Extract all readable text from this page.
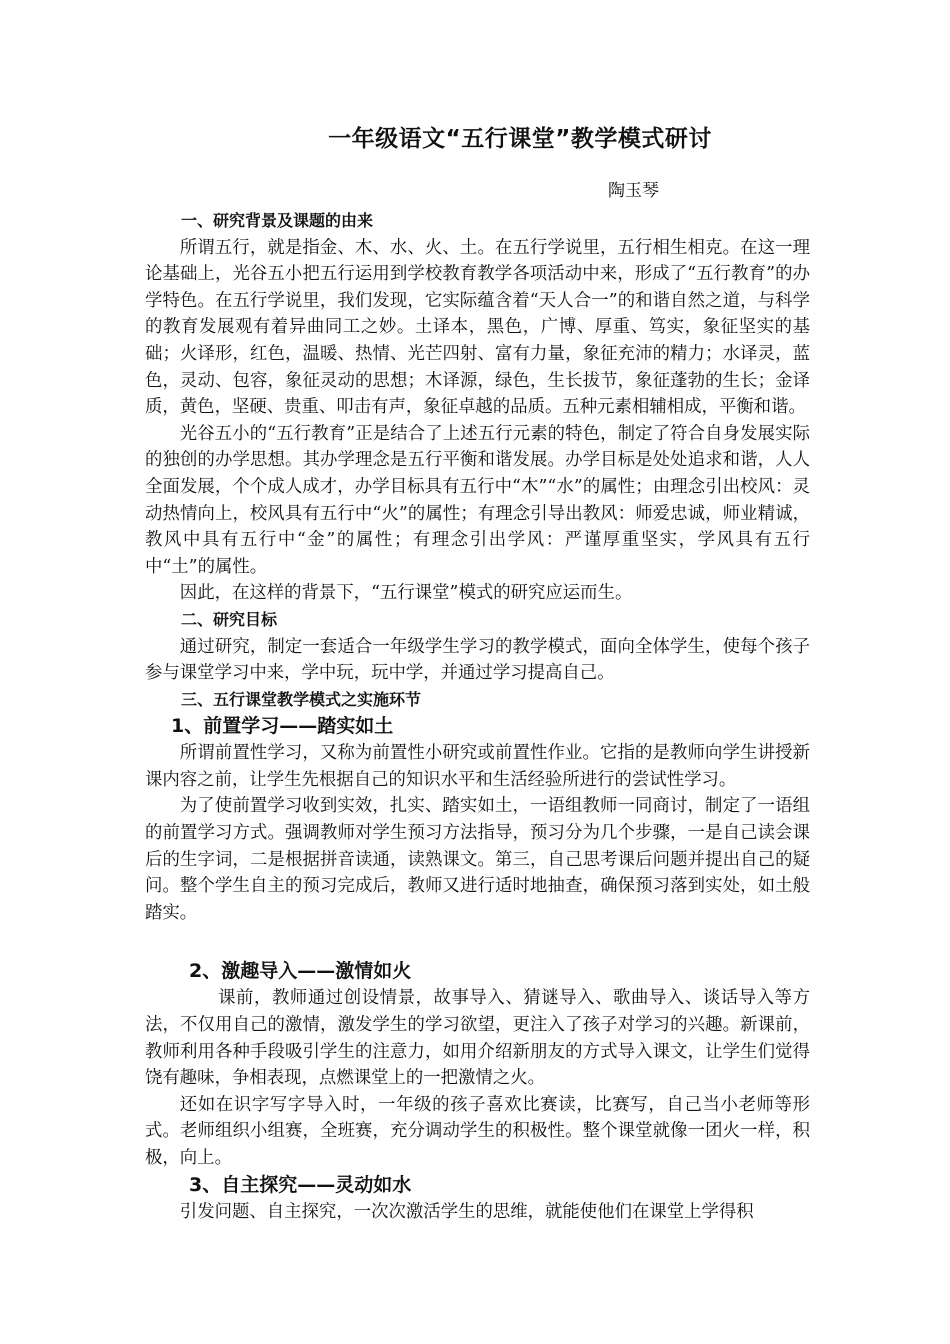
一年级语文“五行课堂”教学模式研讨
陶玉琴
一、研究背景及课题的由来

所谓五行，就是指金、木、水、火、土。在五行学说里，五行相生相克。在这一理论基础上，光谷五小把五行运用到学校教育教学各项活动中来，形成了“五行教育”的办学特色。在五行学说里，我们发现，它实际蕴含着“天人合一”的和谐自然之道，与科学的教育发展观有着异曲同工之妙。土译本，黑色，广博、厚重、笃实，象征坚实的基础；火译形，红色，温暖、热情、光芒四射、富有力量，象征充沛的精力；水译灵，蓝色，灵动、包容，象征灵动的思想；木译源，绿色，生长拔节，象征蓬勃的生长；金译质，黄色，坚硬、贵重、叩击有声，象征卓越的品质。五种元素相辅相成，平衡和谐。

光谷五小的“五行教育”正是结合了上述五行元素的特色，制定了符合自身发展实际的独创的办学思想。其办学理念是五行平衡和谐发展。办学目标是处处追求和谐，人人全面发展，个个成人成才，办学目标具有五行中“木”“水”的属性；由理念引出校风：灵动热情向上，校风具有五行中“火”的属性；有理念引导出教风：师爱忠诚，师业精诚，教风中具有五行中“金”的属性；有理念引出学风：严谨厚重坚实，学风具有五行中“土”的属性。

因此，在这样的背景下，“五行课堂”模式的研究应运而生。

二、研究目标

通过研究，制定一套适合一年级学生学习的教学模式，面向全体学生，使每个孩子参与课堂学习中来，学中玩，玩中学，并通过学习提高自己。

三、五行课堂教学模式之实施环节
1、前置学习——踏实如土

所谓前置性学习，又称为前置性小研究或前置性作业。它指的是教师向学生讲授新课内容之前，让学生先根据自己的知识水平和生活经验所进行的尝试性学习。

为了使前置学习收到实效，扎实、踏实如土，一语组教师一同商讨，制定了一语组的前置学习方式。强调教师对学生预习方法指导，预习分为几个步骤，一是自己读会课后的生字词，二是根据拼音读通，读熟课文。第三，自己思考课后问题并提出自己的疑问。整个学生自主的预习完成后，教师又进行适时地抽查，确保预习落到实处，如土般踏实。

2、激趣导入——激情如火

课前，教师通过创设情景，故事导入、猜谜导入、歌曲导入、谈话导入等方法，不仅用自己的激情，激发学生的学习欲望，更注入了孩子对学习的兴趣。新课前，教师利用各种手段吸引学生的注意力，如用介绍新朋友的方式导入课文，让学生们觉得饶有趣味，争相表现，点燃课堂上的一把激情之火。

还如在识字写字导入时，一年级的孩子喜欢比赛读，比赛写，自己当小老师等形式。老师组织小组赛，全班赛，充分调动学生的积极性。整个课堂就像一团火一样，积极，向上。

3、自主探究——灵动如水

引发问题、自主探究，一次次激活学生的思维，就能使他们在课堂上学得积
